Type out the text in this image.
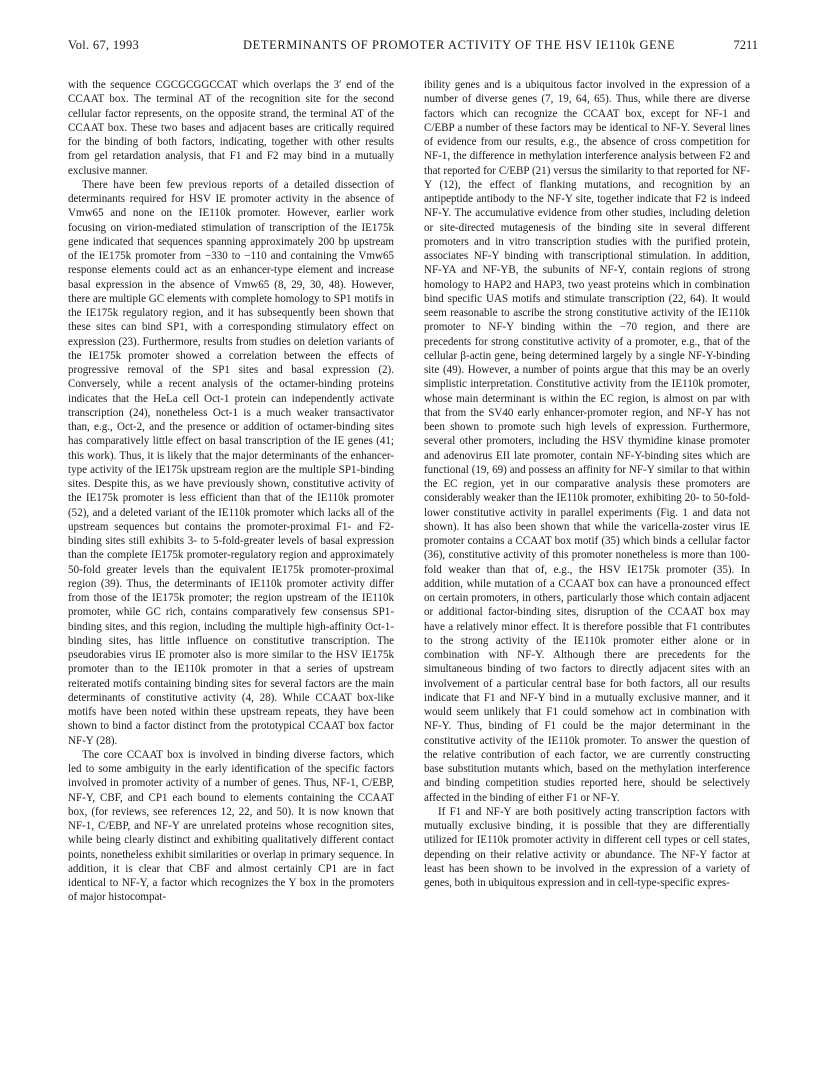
Vol. 67, 1993	DETERMINANTS OF PROMOTER ACTIVITY OF THE HSV IE110k GENE	7211

with the sequence CGCGCGGCCAT which overlaps the 3′ end of the CCAAT box. The terminal AT of the recognition site for the second cellular factor represents, on the opposite strand, the terminal AT of the CCAAT box. These two bases and adjacent bases are critically required for the binding of both factors, indicating, together with other results from gel retardation analysis, that F1 and F2 may bind in a mutually exclusive manner.

There have been few previous reports of a detailed dissection of determinants required for HSV IE promoter activity in the absence of Vmw65 and none on the IE110k promoter. However, earlier work focusing on virion-mediated stimulation of transcription of the IE175k gene indicated that sequences spanning approximately 200 bp upstream of the IE175k promoter from −330 to −110 and containing the Vmw65 response elements could act as an enhancer-type element and increase basal expression in the absence of Vmw65 (8, 29, 30, 48). However, there are multiple GC elements with complete homology to SP1 motifs in the IE175k regulatory region, and it has subsequently been shown that these sites can bind SP1, with a corresponding stimulatory effect on expression (23). Furthermore, results from studies on deletion variants of the IE175k promoter showed a correlation between the effects of progressive removal of the SP1 sites and basal expression (2). Conversely, while a recent analysis of the octamer-binding proteins indicates that the HeLa cell Oct-1 protein can independently activate transcription (24), nonetheless Oct-1 is a much weaker transactivator than, e.g., Oct-2, and the presence or addition of octamer-binding sites has comparatively little effect on basal transcription of the IE genes (41; this work). Thus, it is likely that the major determinants of the enhancer-type activity of the IE175k upstream region are the multiple SP1-binding sites. Despite this, as we have previously shown, constitutive activity of the IE175k promoter is less efficient than that of the IE110k promoter (52), and a deleted variant of the IE110k promoter which lacks all of the upstream sequences but contains the promoter-proximal F1- and F2-binding sites still exhibits 3- to 5-fold-greater levels of basal expression than the complete IE175k promoter-regulatory region and approximately 50-fold greater levels than the equivalent IE175k promoter-proximal region (39). Thus, the determinants of IE110k promoter activity differ from those of the IE175k promoter; the region upstream of the IE110k promoter, while GC rich, contains comparatively few consensus SP1-binding sites, and this region, including the multiple high-affinity Oct-1-binding sites, has little influence on constitutive transcription. The pseudorabies virus IE promoter also is more similar to the HSV IE175k promoter than to the IE110k promoter in that a series of upstream reiterated motifs containing binding sites for several factors are the main determinants of constitutive activity (4, 28). While CCAAT box-like motifs have been noted within these upstream repeats, they have been shown to bind a factor distinct from the prototypical CCAAT box factor NF-Y (28).

The core CCAAT box is involved in binding diverse factors, which led to some ambiguity in the early identification of the specific factors involved in promoter activity of a number of genes. Thus, NF-1, C/EBP, NF-Y, CBF, and CP1 each bound to elements containing the CCAAT box, (for reviews, see references 12, 22, and 50). It is now known that NF-1, C/EBP, and NF-Y are unrelated proteins whose recognition sites, while being clearly distinct and exhibiting qualitatively different contact points, nonetheless exhibit similarities or overlap in primary sequence. In addition, it is clear that CBF and almost certainly CP1 are in fact identical to NF-Y, a factor which recognizes the Y box in the promoters of major histocompat-

ibility genes and is a ubiquitous factor involved in the expression of a number of diverse genes (7, 19, 64, 65). Thus, while there are diverse factors which can recognize the CCAAT box, except for NF-1 and C/EBP a number of these factors may be identical to NF-Y. Several lines of evidence from our results, e.g., the absence of cross competition for NF-1, the difference in methylation interference analysis between F2 and that reported for C/EBP (21) versus the similarity to that reported for NF-Y (12), the effect of flanking mutations, and recognition by an antipeptide antibody to the NF-Y site, together indicate that F2 is indeed NF-Y. The accumulative evidence from other studies, including deletion or site-directed mutagenesis of the binding site in several different promoters and in vitro transcription studies with the purified protein, associates NF-Y binding with transcriptional stimulation. In addition, NF-YA and NF-YB, the subunits of NF-Y, contain regions of strong homology to HAP2 and HAP3, two yeast proteins which in combination bind specific UAS motifs and stimulate transcription (22, 64). It would seem reasonable to ascribe the strong constitutive activity of the IE110k promoter to NF-Y binding within the −70 region, and there are precedents for strong constitutive activity of a promoter, e.g., that of the cellular β-actin gene, being determined largely by a single NF-Y-binding site (49). However, a number of points argue that this may be an overly simplistic interpretation. Constitutive activity from the IE110k promoter, whose main determinant is within the EC region, is almost on par with that from the SV40 early enhancer-promoter region, and NF-Y has not been shown to promote such high levels of expression. Furthermore, several other promoters, including the HSV thymidine kinase promoter and adenovirus EII late promoter, contain NF-Y-binding sites which are functional (19, 69) and possess an affinity for NF-Y similar to that within the EC region, yet in our comparative analysis these promoters are considerably weaker than the IE110k promoter, exhibiting 20- to 50-fold-lower constitutive activity in parallel experiments (Fig. 1 and data not shown). It has also been shown that while the varicella-zoster virus IE promoter contains a CCAAT box motif (35) which binds a cellular factor (36), constitutive activity of this promoter nonetheless is more than 100-fold weaker than that of, e.g., the HSV IE175k promoter (35). In addition, while mutation of a CCAAT box can have a pronounced effect on certain promoters, in others, particularly those which contain adjacent or additional factor-binding sites, disruption of the CCAAT box may have a relatively minor effect. It is therefore possible that F1 contributes to the strong activity of the IE110k promoter either alone or in combination with NF-Y. Although there are precedents for the simultaneous binding of two factors to directly adjacent sites with an involvement of a particular central base for both factors, all our results indicate that F1 and NF-Y bind in a mutually exclusive manner, and it would seem unlikely that F1 could somehow act in combination with NF-Y. Thus, binding of F1 could be the major determinant in the constitutive activity of the IE110k promoter. To answer the question of the relative contribution of each factor, we are currently constructing base substitution mutants which, based on the methylation interference and binding competition studies reported here, should be selectively affected in the binding of either F1 or NF-Y.

If F1 and NF-Y are both positively acting transcription factors with mutually exclusive binding, it is possible that they are differentially utilized for IE110k promoter activity in different cell types or cell states, depending on their relative activity or abundance. The NF-Y factor at least has been shown to be involved in the expression of a variety of genes, both in ubiquitous expression and in cell-type-specific expres-
